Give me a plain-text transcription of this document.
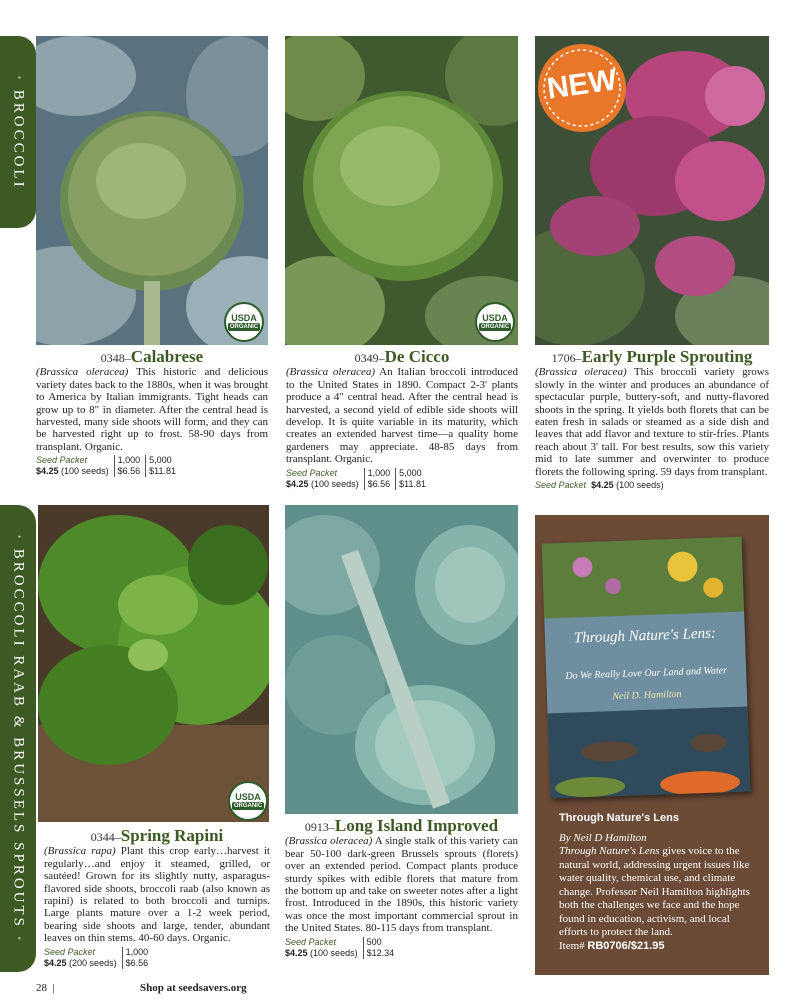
· BROCCOLI
· BROCCOLI RAAB & BRUSSELS SPROUTS ·
USDA
ORGANIC
USDA
ORGANIC
NEW
USDA
ORGANIC
0348–Calabrese
(Brassica oleracea) This historic and delicious variety dates back to the 1880s, when it was brought to America by Italian immigrants. Tight heads can grow up to 8" in diameter. After the central head is harvested, many side shoots will form, and they can be harvested right up to frost. 58-90 days from transplant. Organic.
Seed Packet
$4.25 (100 seeds)
1,000
$6.56
5,000
$11.81
0349–De Cicco
(Brassica oleracea) An Italian broccoli introduced to the United States in 1890. Compact 2-3' plants produce a 4" central head. After the central head is harvested, a second yield of edible side shoots will develop. It is quite variable in its maturity, which creates an extended harvest time—a quality home gardeners may appreciate. 48-85 days from transplant. Organic.
Seed Packet
$4.25 (100 seeds)
1,000
$6.56
5,000
$11.81
1706–Early Purple Sprouting
(Brassica oleracea) This broccoli variety grows slowly in the winter and produces an abundance of spectacular purple, buttery-soft, and nutty-flavored shoots in the spring. It yields both florets that can be eaten fresh in salads or steamed as a side dish and leaves that add flavor and texture to stir-fries. Plants reach about 3' tall. For best results, sow this variety mid to late summer and overwinter to produce florets the following spring. 59 days from transplant.
Seed Packet $4.25 (100 seeds)
0344–Spring Rapini
(Brassica rapa) Plant this crop early…harvest it regularly…and enjoy it steamed, grilled, or sautéed! Grown for its slightly nutty, asparagus-flavored side shoots, broccoli raab (also known as rapini) is related to both broccoli and turnips. Large plants mature over a 1-2 week period, bearing side shoots and large, tender, abundant leaves on thin stems. 40-60 days. Organic.
Seed Packet
$4.25 (200 seeds)
1,000
$6.56
0913–Long Island Improved
(Brassica oleracea) A single stalk of this variety can bear 50-100 dark-green Brussels sprouts (florets) over an extended period. Compact plants produce sturdy spikes with edible florets that mature from the bottom up and take on sweeter notes after a light frost. Introduced in the 1890s, this historic variety was once the most important commercial sprout in the United States. 80-115 days from transplant.
Seed Packet
$4.25 (100 seeds)
500
$12.34
Through Nature's Lens:
Do We Really Love Our Land and Water
Neil D. Hamilton
Through Nature's Lens
By Neil D Hamilton
Through Nature's Lens gives voice to the natural world, addressing urgent issues like water quality, chemical use, and climate change. Professor Neil Hamilton highlights both the challenges we face and the hope found in education, activism, and local efforts to protect the land.
Item# RB0706/$21.95
28  |	Shop at seedsavers.org
